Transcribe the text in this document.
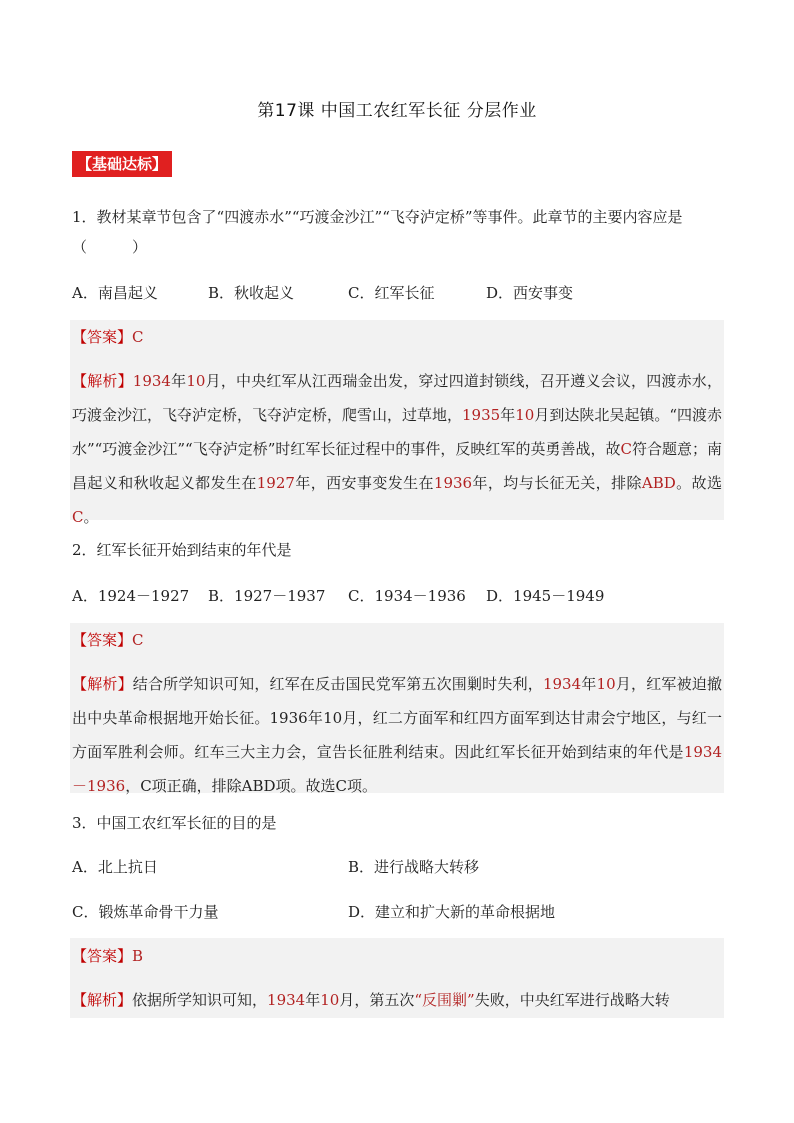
第17课 中国工农红军长征 分层作业
【基础达标】
1．教材某章节包含了“四渡赤水”“巧渡金沙江”“飞夺泸定桥”等事件。此章节的主要内容应是（　　　）
A．南昌起义	B．秋收起义	C．红军长征	D．西安事变
【答案】C
【解析】1934年10月，中央红军从江西瑞金出发，穿过四道封锁线，召开遵义会议，四渡赤水，巧渡金沙江，飞夺泸定桥，飞夺泸定桥，爬雪山，过草地，1935年10月到达陕北吴起镇。“四渡赤水”“巧渡金沙江”“飞夺泸定桥”时红军长征过程中的事件，反映红军的英勇善战，故C符合题意；南昌起义和秋收起义都发生在1927年，西安事变发生在1936年，均与长征无关，排除ABD。故选C。
2．红军长征开始到结束的年代是
A．1924－1927 B．1927－1937 C．1934－1936 D．1945－1949
【答案】C
【解析】结合所学知识可知，红军在反击国民党军第五次围剿时失利，1934年10月，红军被迫撤出中央革命根据地开始长征。1936年10月，红二方面军和红四方面军到达甘肃会宁地区，与红一方面军胜利会师。红车三大主力会，宣告长征胜利结束。因此红军长征开始到结束的年代是1934－1936，C项正确，排除ABD项。故选C项。
3．中国工农红军长征的目的是
A．北上抗日	B．进行战略大转移
C．锻炼革命骨干力量	D．建立和扩大新的革命根据地
【答案】B
【解析】依据所学知识可知，1934年10月，第五次“反围剿”失败，中央红军进行战略大转
